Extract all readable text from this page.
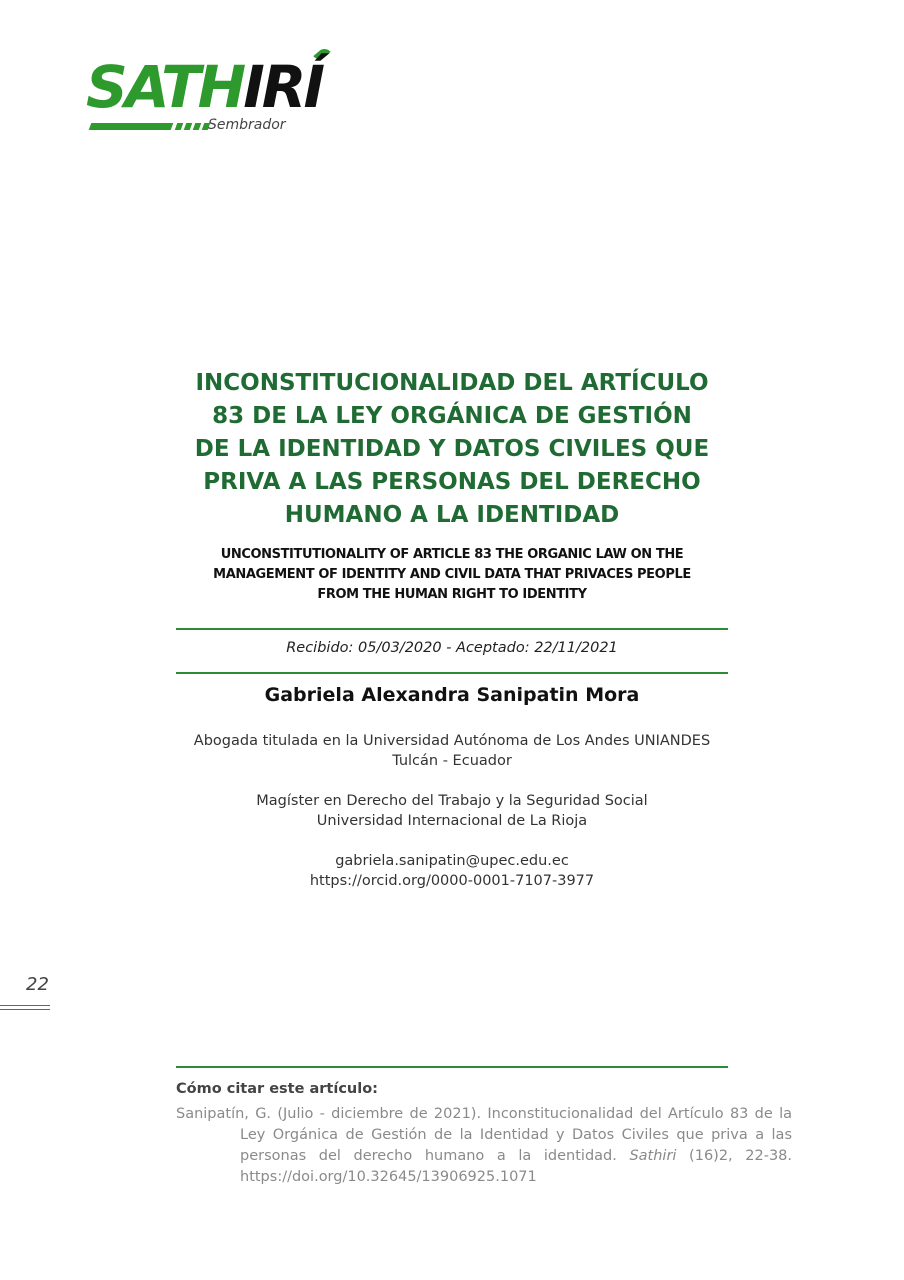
SATHIRÍ
Sembrador
INCONSTITUCIONALIDAD DEL ARTÍCULO
83 DE LA LEY ORGÁNICA DE GESTIÓN
DE LA IDENTIDAD Y DATOS CIVILES QUE
PRIVA A LAS PERSONAS DEL DERECHO
HUMANO A LA IDENTIDAD
UNCONSTITUTIONALITY OF ARTICLE 83 THE ORGANIC LAW ON THE
MANAGEMENT OF IDENTITY AND CIVIL DATA THAT PRIVACES PEOPLE
FROM THE HUMAN RIGHT TO IDENTITY
Recibido: 05/03/2020 - Aceptado: 22/11/2021
Gabriela Alexandra Sanipatin Mora
Abogada titulada en la Universidad Autónoma de Los Andes UNIANDES
Tulcán - Ecuador
Magíster en Derecho del Trabajo y la Seguridad Social
Universidad Internacional de La Rioja
gabriela.sanipatin@upec.edu.ec
https://orcid.org/0000-0001-7107-3977
22

Cómo citar este artículo:

Sanipatín, G. (Julio - diciembre de 2021). Inconstitucionalidad del Artículo 83 de la Ley Orgánica de Gestión de la Identidad y Datos Civiles que priva a las personas del derecho humano a la identidad. Sathiri (16)2, 22-38. https://doi.org/10.32645/13906925.1071
